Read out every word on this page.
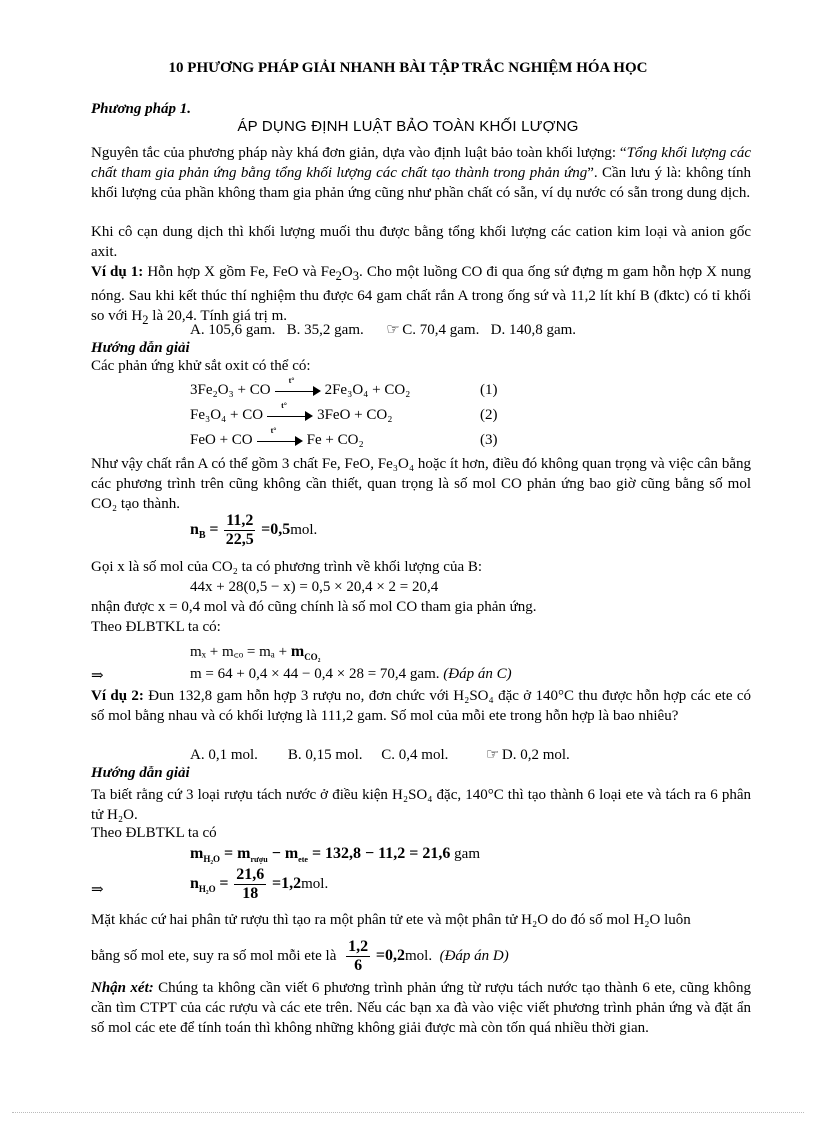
10 PHƯƠNG PHÁP GIẢI NHANH BÀI TẬP TRẮC NGHIỆM HÓA HỌC
Phương pháp 1.
ÁP DỤNG ĐỊNH LUẬT BẢO TOÀN KHỐI LƯỢNG
Nguyên tắc của phương pháp này khá đơn giản, dựa vào định luật bảo toàn khối lượng: “Tổng khối lượng các chất tham gia phản ứng bằng tổng khối lượng các chất tạo thành trong phản ứng”. Cần lưu ý là: không tính khối lượng của phần không tham gia phản ứng cũng như phần chất có sẵn, ví dụ nước có sẵn trong dung dịch.
Khi cô cạn dung dịch thì khối lượng muối thu được bằng tổng khối lượng các cation kim loại và anion gốc axit.
Ví dụ 1: Hỗn hợp X gồm Fe, FeO và $Fe_2O_3$. Cho một luồng CO đi qua ống sứ đựng m gam hỗn hợp X nung nóng. Sau khi kết thúc thí nghiệm thu được 64 gam chất rắn A trong ống sứ và 11,2 lít khí B (đktc) có tỉ khối so với $H_2$ là 20,4. Tính giá trị m.
A. 105,6 gam. B. 35,2 gam. ☞ C. 70,4 gam. D. 140,8 gam.
Hướng dẫn giải
Các phản ứng khử sắt oxit có thể có:
3Fe₂O₃ + CO
t°
2Fe₃O₄ + CO₂	(1)
Fe₃O₄ + CO
t°
3FeO + CO₂	(2)
FeO + CO
t°
Fe + CO₂	(3)
Như vậy chất rắn A có thể gồm 3 chất Fe, FeO, Fe₃O₄ hoặc ít hơn, điều đó không quan trọng và việc cân bằng các phương trình trên cũng không cần thiết, quan trọng là số mol CO phản ứng bao giờ cũng bằng số mol CO₂ tạo thành.
$n_B = \frac{11,2}{22,5} =0,5mol$.
Gọi x là số mol của CO₂ ta có phương trình về khối lượng của B:
44x + 28(0,5 − x) = 0,5 × 20,4 × 2 = 20,4
nhận được x = 0,4 mol và đó cũng chính là số mol CO tham gia phản ứng.
Theo ĐLBTKL ta có:
mₓ + m꜀ₒ = $m_a + m_{CO_2}$
⇒	m = 64 + 0,4 × 44 − 0,4 × 28 = 70,4 gam. (Đáp án C)
Ví dụ 2: Đun 132,8 gam hỗn hợp 3 rượu no, đơn chức với H₂SO₄ đặc ở 140°C thu được hỗn hợp các ete có số mol bằng nhau và có khối lượng là 111,2 gam. Số mol của mỗi ete trong hỗn hợp là bao nhiêu?
A. 0,1 mol. B. 0,15 mol. C. 0,4 mol.	☞ D. 0,2 mol.
Hướng dẫn giải
Ta biết rằng cứ 3 loại rượu tách nước ở điều kiện H₂SO₄ đặc, 140°C thì tạo thành 6 loại ete và tách ra 6 phân tử H₂O.
Theo ĐLBTKL ta có
$m_{H_2O} = m_{rượu} - m_{ete} = 132,8 - 11,2 = 21,6$ gam
⇒	$n_{H_2O} = \frac{21,6}{18} =1,2mol$.
Mặt khác cứ hai phân tử rượu thì tạo ra một phân tử ete và một phân tử H₂O do đó số mol H₂O luôn
bằng số mol ete, suy ra số mol mỗi ete là $\frac{1,2}{6} =0,2mol$. (Đáp án D)
Nhận xét: Chúng ta không cần viết 6 phương trình phản ứng từ rượu tách nước tạo thành 6 ete, cũng không cần tìm CTPT của các rượu và các ete trên. Nếu các bạn xa đà vào việc viết phương trình phản ứng và đặt ẩn số mol các ete để tính toán thì không những không giải được mà còn tốn quá nhiều thời gian.
